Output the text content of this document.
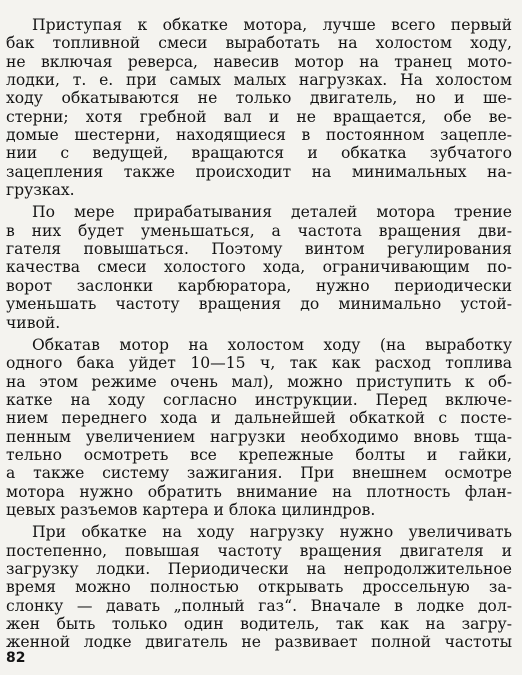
Приступая к обкатке мотора, лучше всего первый
бак топливной смеси выработать на холостом ходу,
не включая реверса, навесив мотор на транец мото-
лодки, т. е. при самых малых нагрузках. На холостом
ходу обкатываются не только двигатель, но и ше-
стерни; хотя гребной вал и не вращается, обе ве-
домые шестерни, находящиеся в постоянном зацепле-
нии с ведущей, вращаются и обкатка зубчатого
зацепления также происходит на минимальных на-
грузках.
По мере прирабатывания деталей мотора трение
в них будет уменьшаться, а частота вращения дви-
гателя повышаться. Поэтому винтом регулирования
качества смеси холостого хода, ограничивающим по-
ворот заслонки карбюратора, нужно периодически
уменьшать частоту вращения до минимально устой-
чивой.
Обкатав мотор на холостом ходу (на выработку
одного бака уйдет 10—15 ч, так как расход топлива
на этом режиме очень мал), можно приступить к об-
катке на ходу согласно инструкции. Перед включе-
нием переднего хода и дальнейшей обкаткой с посте-
пенным увеличением нагрузки необходимо вновь тща-
тельно осмотреть все крепежные болты и гайки,
а также систему зажигания. При внешнем осмотре
мотора нужно обратить внимание на плотность флан-
цевых разъемов картера и блока цилиндров.
При обкатке на ходу нагрузку нужно увеличивать
постепенно, повышая частоту вращения двигателя и
загрузку лодки. Периодически на непродолжительное
время можно полностью открывать дроссельную за-
слонку — давать „полный газ“. Вначале в лодке дол-
жен быть только один водитель, так как на загру-
женной лодке двигатель не развивает полной частоты
82
